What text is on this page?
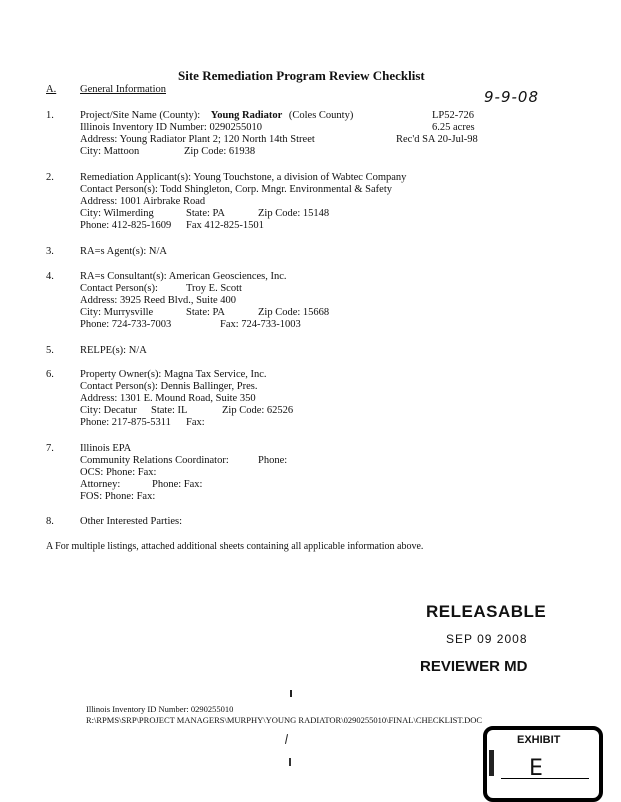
Site Remediation Program Review Checklist
9-9-08
A. General Information
1. Project/Site Name (County): Young Radiator (Coles County)	LP52-726
Illinois Inventory ID Number: 0290255010	6.25 acres
Address: Young Radiator Plant 2; 120 North 14th Street	Rec'd SA 20-Jul-98
City: Mattoon	Zip Code: 61938
2. Remediation Applicant(s): Young Touchstone, a division of Wabtec Company
Contact Person(s): Todd Shingleton, Corp. Mngr. Environmental & Safety
Address: 1001 Airbrake Road
City: Wilmerding	State: PA	Zip Code: 15148
Phone: 412-825-1609 Fax 412-825-1501
3. RA=s Agent(s): N/A
4. RA=s Consultant(s): American Geosciences, Inc.
Contact Person(s):	Troy E. Scott
Address: 3925 Reed Blvd., Suite 400
City: Murrysville	State: PA	Zip Code: 15668
Phone: 724-733-7003	Fax: 724-733-1003
5. RELPE(s): N/A
6. Property Owner(s): Magna Tax Service, Inc.
Contact Person(s): Dennis Ballinger, Pres.
Address: 1301 E. Mound Road, Suite 350
City: Decatur State: IL	Zip Code: 62526
Phone: 217-875-5311 Fax:
7. Illinois EPA
Community Relations Coordinator:	Phone:
OCS: Phone: Fax:
Attorney:	Phone: Fax:
FOS: Phone: Fax:
8. Other Interested Parties:
A For multiple listings, attached additional sheets containing all applicable information above.
RELEASABLE
SEP 09 2008
REVIEWER MD
Illinois Inventory ID Number: 0290255010
R:\RPMS\SRP\PROJECT MANAGERS\MURPHY\YOUNG RADIATOR\0290255010\FINAL\CHECKLIST.DOC
EXHIBIT
E
